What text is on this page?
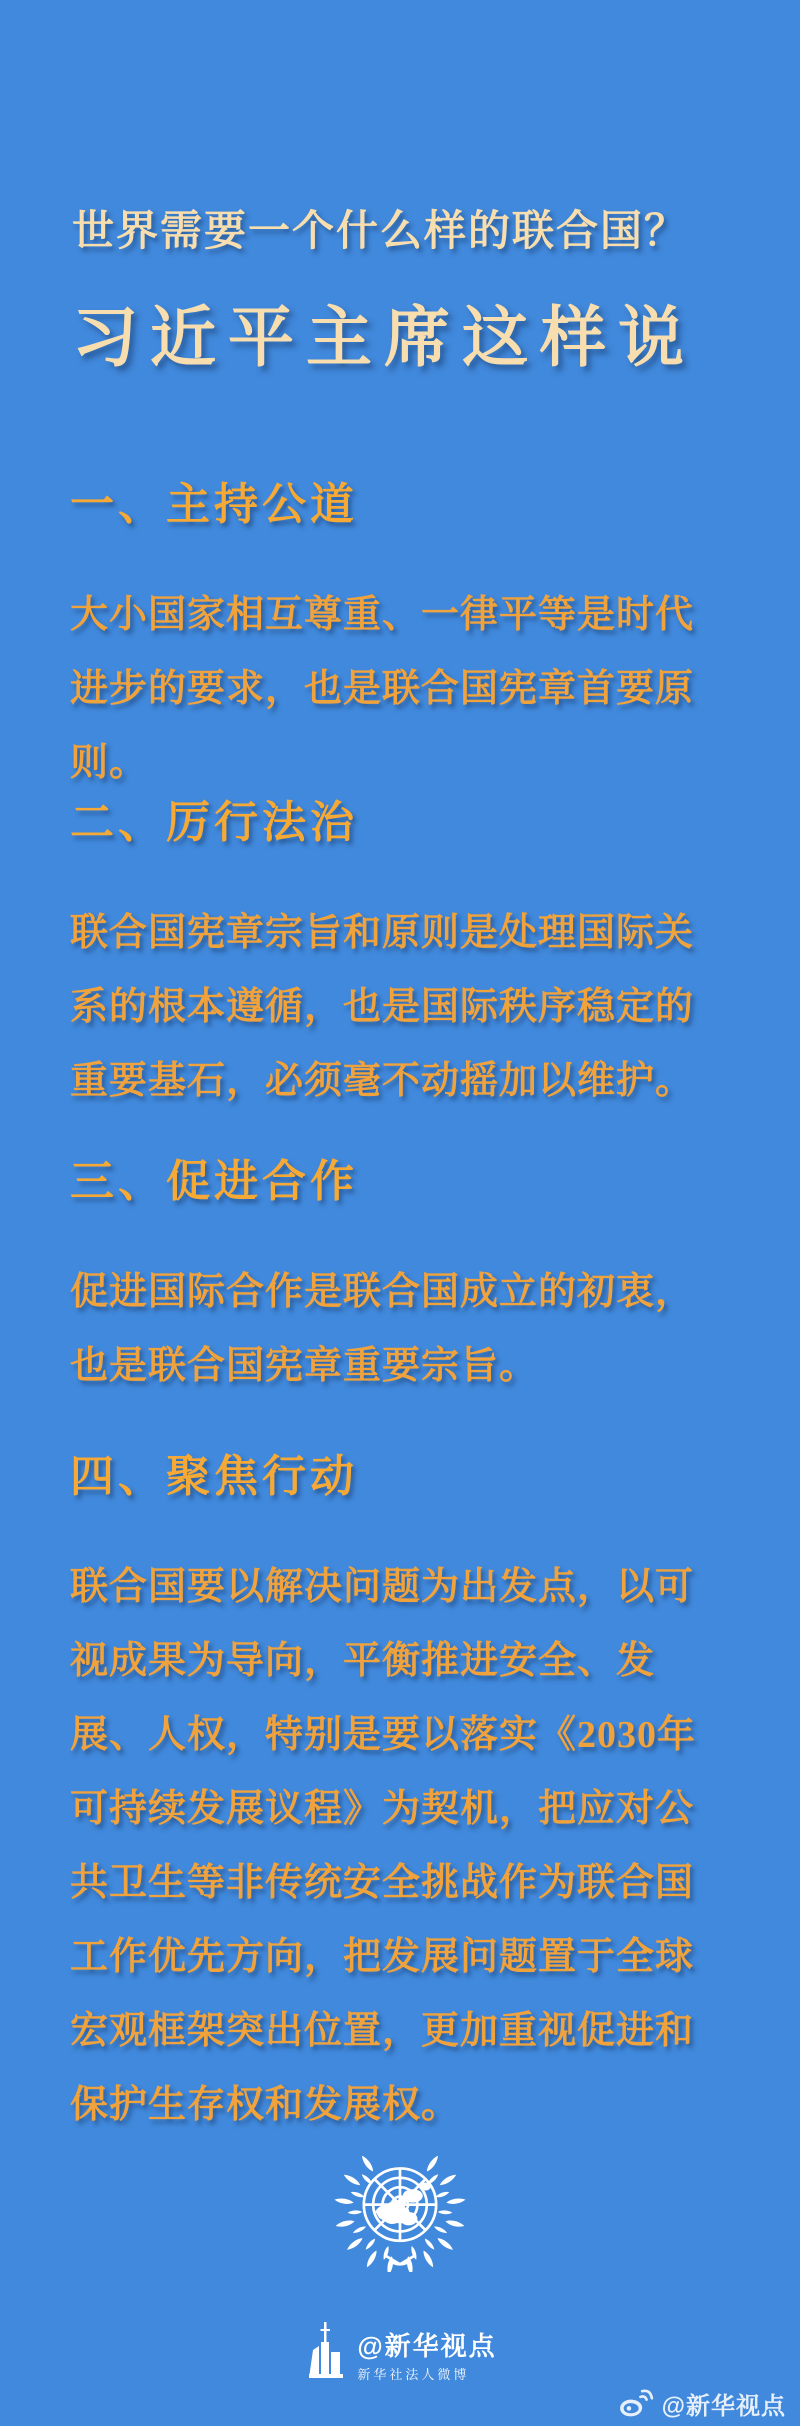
世界需要一个什么样的联合国？
习近平主席这样说
一、主持公道

大小国家相互尊重、一律平等是时代进步的要求，也是联合国宪章首要原则。

二、厉行法治

联合国宪章宗旨和原则是处理国际关系的根本遵循，也是国际秩序稳定的重要基石，必须毫不动摇加以维护。

三、促进合作

促进国际合作是联合国成立的初衷，也是联合国宪章重要宗旨。

四、聚焦行动

联合国要以解决问题为出发点，以可视成果为导向，平衡推进安全、发展、人权，特别是要以落实《2030年可持续发展议程》为契机，把应对公共卫生等非传统安全挑战作为联合国工作优先方向，把发展问题置于全球宏观框架突出位置，更加重视促进和保护生存权和发展权。

@新华视点
新华社法人微博
@新华视点
